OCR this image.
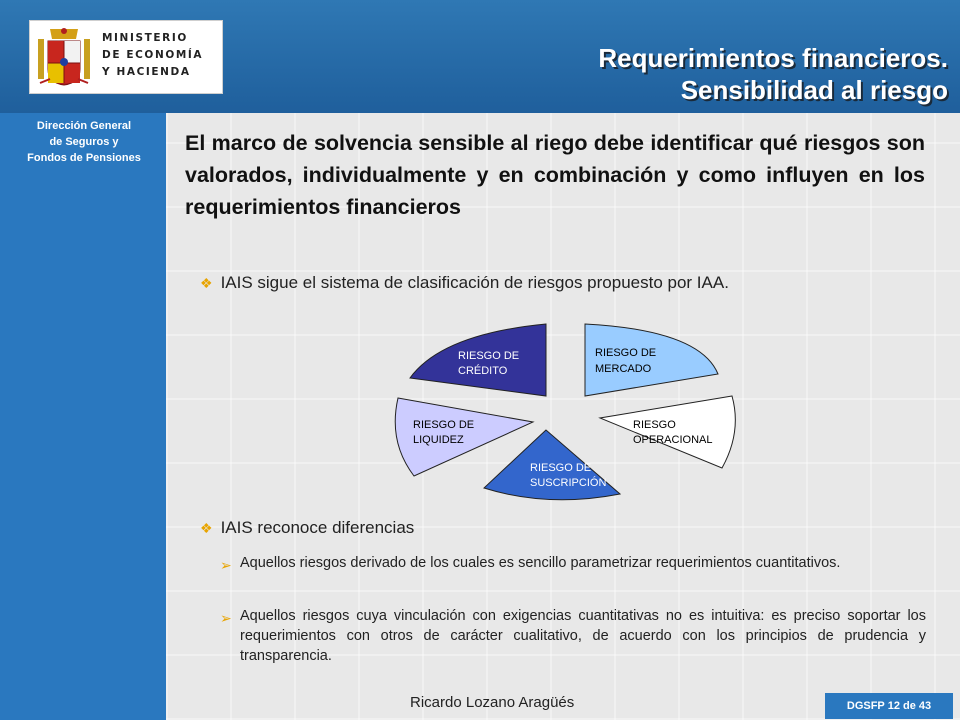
MINISTERIO
DE ECONOMÍA
Y HACIENDA
Dirección General
de Seguros y
Fondos de Pensiones
Requerimientos financieros.
Sensibilidad al riesgo
El marco de solvencia sensible al riego debe identificar qué riesgos son valorados, individualmente y en combinación y como influyen en los requerimientos financieros
❖ IAIS sigue el sistema de clasificación de riesgos propuesto por IAA.
RIESGO DE
CRÉDITO
RIESGO DE
MERCADO
RIESGO
OPERACIONAL
RIESGO DE
LIQUIDEZ
RIESGO DE
SUSCRIPCIÓN
❖ IAIS reconoce diferencias
➢ Aquellos riesgos derivado de los cuales es sencillo parametrizar requerimientos cuantitativos.
➢ Aquellos riesgos cuya vinculación con exigencias cuantitativas no es intuitiva: es preciso soportar los requerimientos con otros de carácter cualitativo, de acuerdo con los principios de prudencia y transparencia.
Ricardo Lozano Aragüés	DGSFP 12 de 43
